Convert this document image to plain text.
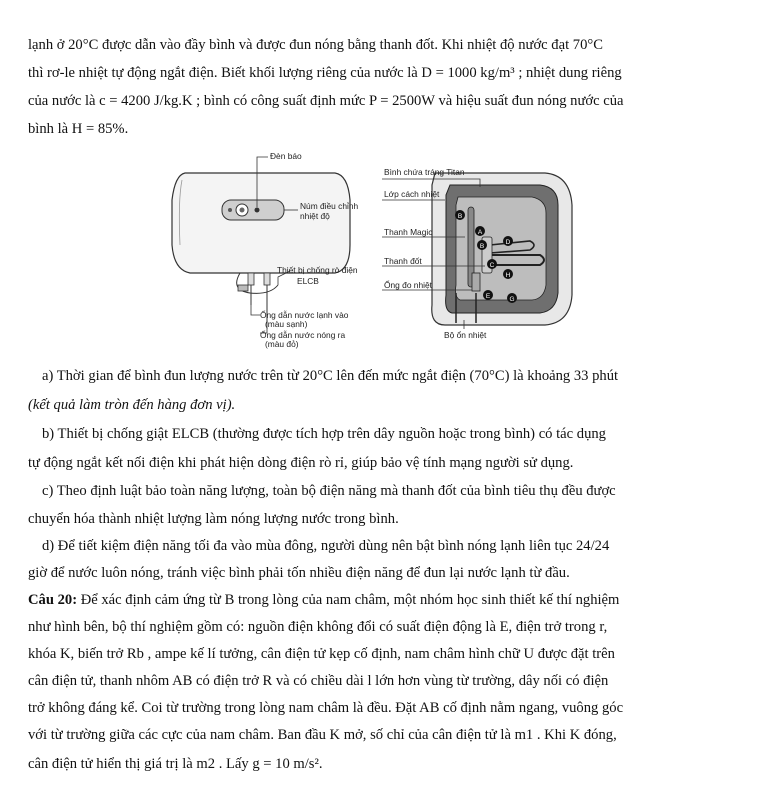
lạnh ở 20°C được dẫn vào đầy bình và được đun nóng bằng thanh đốt. Khi nhiệt độ nước đạt 70°C
thì rơ-le nhiệt tự động ngắt điện. Biết khối lượng riêng của nước là D = 1000 kg/m³ ; nhiệt dung riêng
của nước là c = 4200 J/kg.K ; bình có công suất định mức P = 2500W và hiệu suất đun nóng nước của
bình là H = 85%.
Đèn báo
Núm điều chỉnh
nhiệt độ
Thiết bị chống rò điện
ELCB
Ống dẫn nước lạnh vào
(màu sạnh)
Ống dẫn nước nóng ra
(màu đỏ)
B
A
B
D
C
H
E	G
Bình chứa tráng Titan
Lớp cách nhiệt
Thanh Magic
Thanh đốt
Ống đo nhiệt
Bộ ổn nhiệt
a) Thời gian để bình đun lượng nước trên từ 20°C lên đến mức ngắt điện (70°C) là khoảng 33 phút
(kết quả làm tròn đến hàng đơn vị).
b) Thiết bị chống giật ELCB (thường được tích hợp trên dây nguồn hoặc trong bình) có tác dụng
tự động ngắt kết nối điện khi phát hiện dòng điện rò rỉ, giúp bảo vệ tính mạng người sử dụng.
c) Theo định luật bảo toàn năng lượng, toàn bộ điện năng mà thanh đốt của bình tiêu thụ đều được
chuyển hóa thành nhiệt lượng làm nóng lượng nước trong bình.
d) Để tiết kiệm điện năng tối đa vào mùa đông, người dùng nên bật bình nóng lạnh liên tục 24/24
giờ để nước luôn nóng, tránh việc bình phải tốn nhiều điện năng để đun lại nước lạnh từ đầu.
Câu 20: Để xác định cảm ứng từ B trong lòng của nam châm, một nhóm học sinh thiết kế thí nghiệm
như hình bên, bộ thí nghiệm gồm có: nguồn điện không đổi có suất điện động là E, điện trở trong r,
khóa K, biến trở Rb , ampe kế lí tưởng, cân điện tử kẹp cố định, nam châm hình chữ U được đặt trên
cân điện tử, thanh nhôm AB có điện trở R và có chiều dài l lớn hơn vùng từ trường, dây nối có điện
trở không đáng kể. Coi từ trường trong lòng nam châm là đều. Đặt AB cố định nằm ngang, vuông góc
với từ trường giữa các cực của nam châm. Ban đầu K mở, số chỉ của cân điện tử là m1 . Khi K đóng,
cân điện tử hiển thị giá trị là m2 . Lấy g = 10 m/s².
